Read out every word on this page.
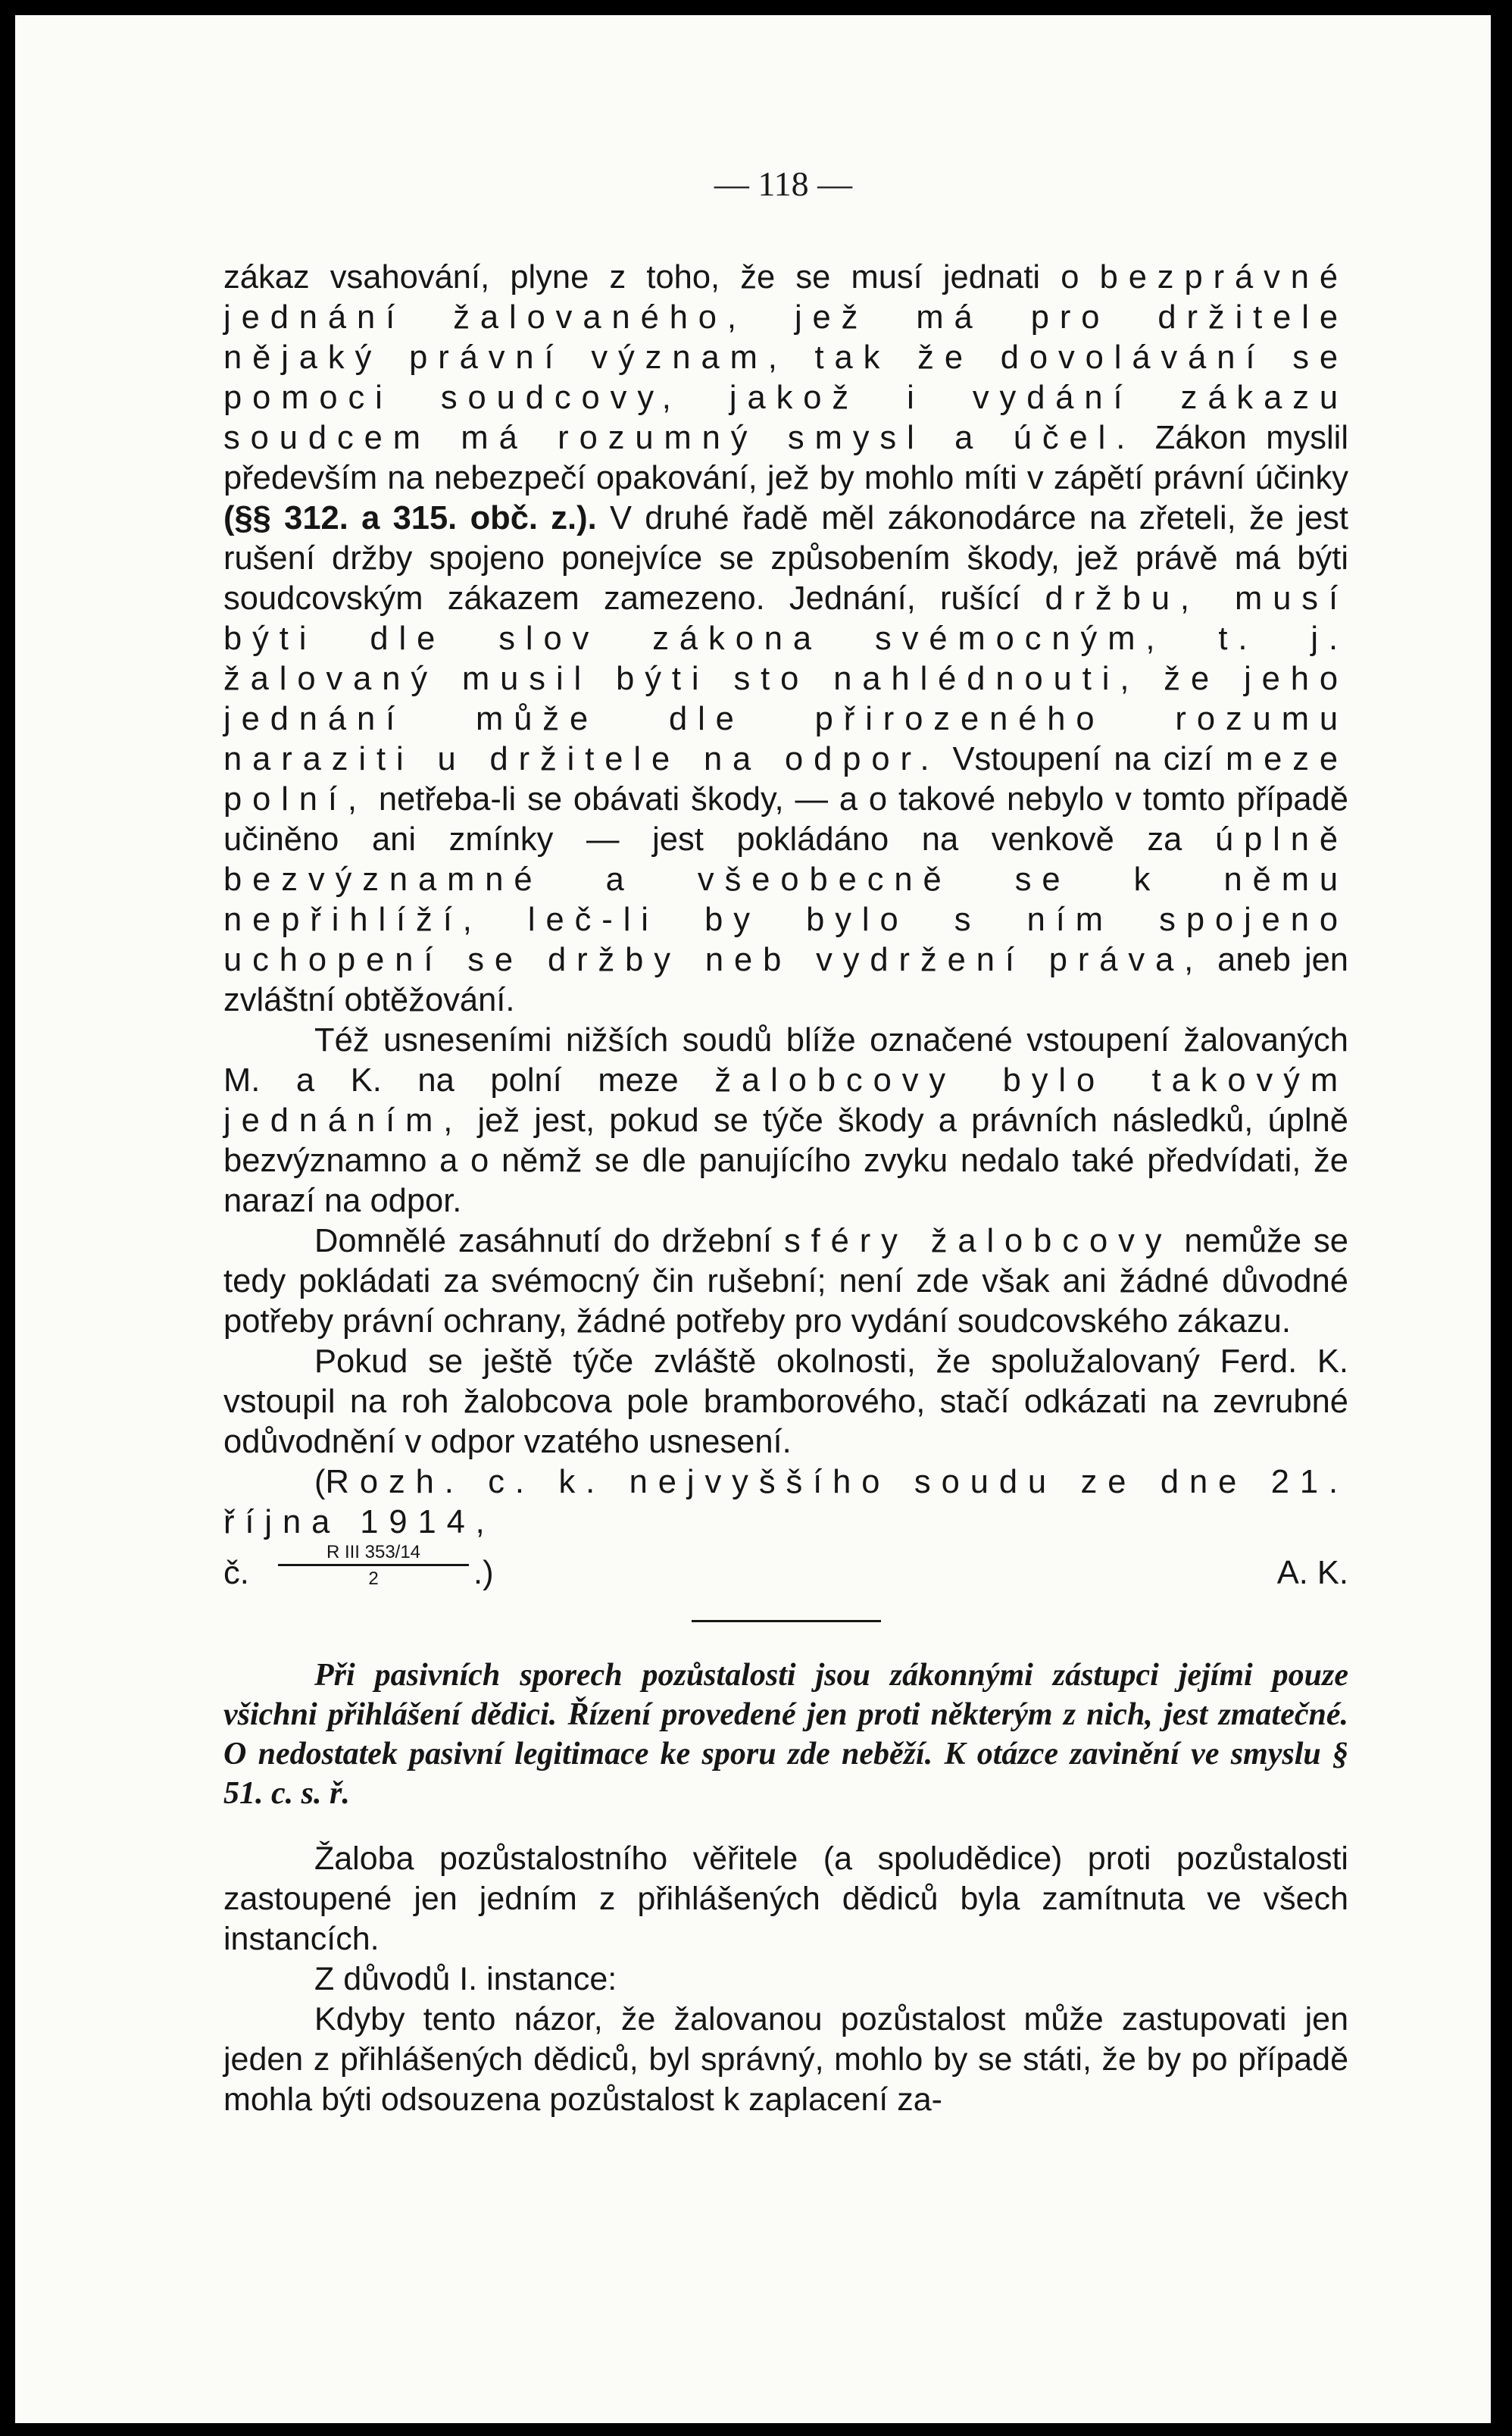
— 118 —

zákaz vsahování, plyne z toho, že se musí jednati o bezprávné jednání žalovaného, jež má pro držitele nějaký právní význam, tak že dovolávání se pomoci soudcovy, jakož i vydání zákazu soudcem má rozumný smysl a účel. Zákon myslil především na nebezpečí opakování, jež by mohlo míti v zápětí právní účinky (§§ 312. a 315. obč. z.). V druhé řadě měl zákonodárce na zřeteli, že jest rušení držby spojeno ponejvíce se způsobením škody, jež právě má býti soudcovským zákazem zamezeno. Jednání, rušící držbu, musí býti dle slov zákona svémocným, t. j. žalovaný musil býti sto nahlédnouti, že jeho jednání může dle přirozeného rozumu naraziti u držitele na odpor. Vstoupení na cizí meze polní, netřeba-li se obávati škody, — a o takové nebylo v tomto případě učiněno ani zmínky — jest pokládáno na venkově za úplně bezvýznamné a všeobecně se k němu nepřihlíží, leč-li by bylo s ním spojeno uchopení se držby neb vydržení práva, aneb jen zvláštní obtěžování.

Též usneseními nižších soudů blíže označené vstoupení žalovaných M. a K. na polní meze žalobcovy bylo takovým jednáním, jež jest, pokud se týče škody a právních následků, úplně bezvýznamno a o němž se dle panujícího zvyku nedalo také předvídati, že narazí na odpor.

Domnělé zasáhnutí do držební sféry žalobcovy nemůže se tedy pokládati za svémocný čin rušební; není zde však ani žádné důvodné potřeby právní ochrany, žádné potřeby pro vydání soudcovského zákazu.

Pokud se ještě týče zvláště okolnosti, že spolužalovaný Ferd. K. vstoupil na roh žalobcova pole bramborového, stačí odkázati na zevrubné odůvodnění v odpor vzatého usnesení.

(Rozh. c. k. nejvyššího soudu ze dne 21. října 1914,

č.
R III 353/14
2	.)	A. K.

Při pasivních sporech pozůstalosti jsou zákonnými zástupci jejími pouze všichni přihlášení dědici. Řízení provedené jen proti některým z nich, jest zmatečné. O nedostatek pasivní legitimace ke sporu zde neběží. K otázce zavinění ve smyslu § 51. c. s. ř.

Žaloba pozůstalostního věřitele (a spoludědice) proti pozůstalosti zastoupené jen jedním z přihlášených dědiců byla zamítnuta ve všech instancích.

Z důvodů I. instance:

Kdyby tento názor, že žalovanou pozůstalost může zastupovati jen jeden z přihlášených dědiců, byl správný, mohlo by se státi, že by po případě mohla býti odsouzena pozůstalost k zaplacení za-
